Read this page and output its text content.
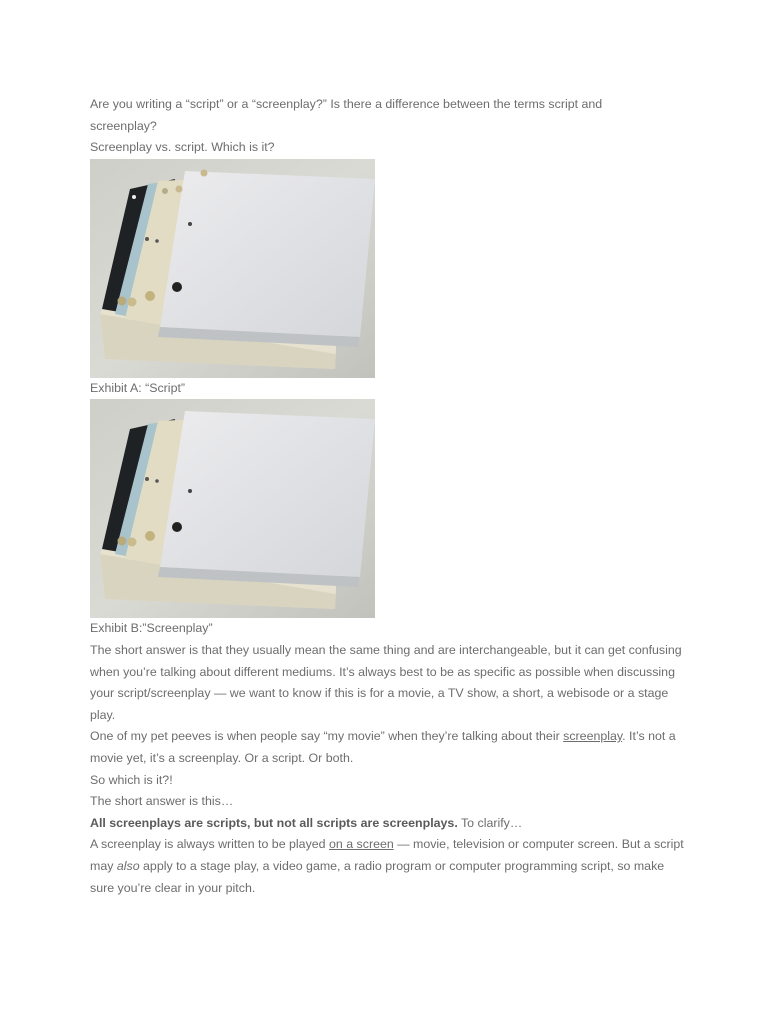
Are you writing a “script” or a “screenplay?” Is there a difference between the terms script and

screenplay?

Screenplay vs. script. Which is it?

Exhibit A: “Script”

Exhibit B:”Screenplay”

The short answer is that they usually mean the same thing and are interchangeable, but it can get confusing when you’re talking about different mediums. It’s always best to be as specific as possible when discussing your script/screenplay — we want to know if this is for a movie, a TV show, a short, a webisode or a stage play.

One of my pet peeves is when people say “my movie” when they’re talking about their screenplay. It’s not a movie yet, it’s a screenplay. Or a script. Or both.

So which is it?!

The short answer is this…

All screenplays are scripts, but not all scripts are screenplays. To clarify…

A screenplay is always written to be played on a screen — movie, television or computer screen. But a script may also apply to a stage play, a video game, a radio program or computer programming script, so make sure you’re clear in your pitch.
